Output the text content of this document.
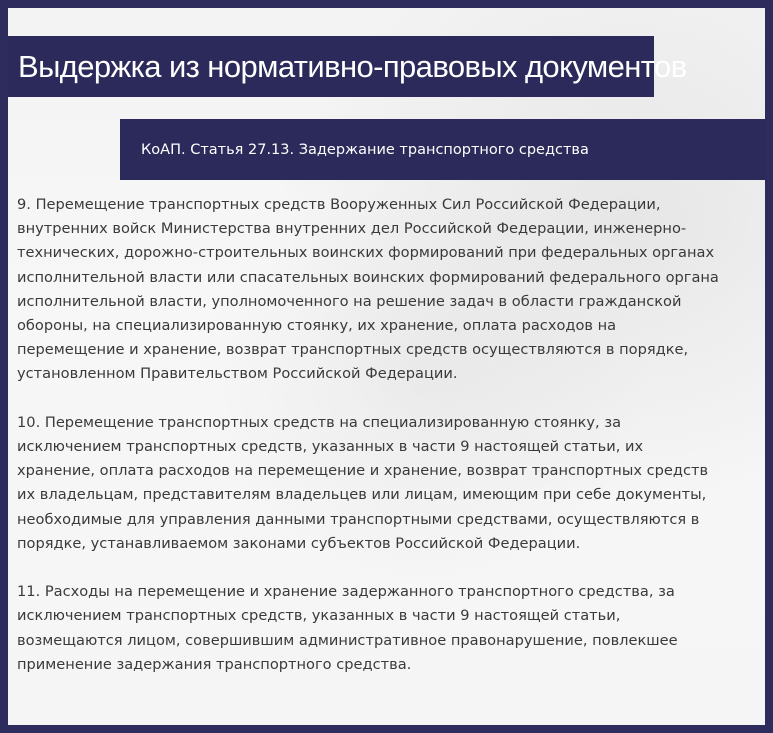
Выдержка из нормативно-правовых документов
КоАП. Статья 27.13. Задержание транспортного средства

9. Перемещение транспортных средств Вооруженных Сил Российской Федерации,
внутренних войск Министерства внутренних дел Российской Федерации, инженерно-
технических, дорожно-строительных воинских формирований при федеральных органах
исполнительной власти или спасательных воинских формирований федерального органа
исполнительной власти, уполномоченного на решение задач в области гражданской
обороны, на специализированную стоянку, их хранение, оплата расходов на
перемещение и хранение, возврат транспортных средств осуществляются в порядке,
установленном Правительством Российской Федерации.

10. Перемещение транспортных средств на специализированную стоянку, за
исключением транспортных средств, указанных в части 9 настоящей статьи, их
хранение, оплата расходов на перемещение и хранение, возврат транспортных средств
их владельцам, представителям владельцев или лицам, имеющим при себе документы,
необходимые для управления данными транспортными средствами, осуществляются в
порядке, устанавливаемом законами субъектов Российской Федерации.

11. Расходы на перемещение и хранение задержанного транспортного средства, за
исключением транспортных средств, указанных в части 9 настоящей статьи,
возмещаются лицом, совершившим административное правонарушение, повлекшее
применение задержания транспортного средства.
